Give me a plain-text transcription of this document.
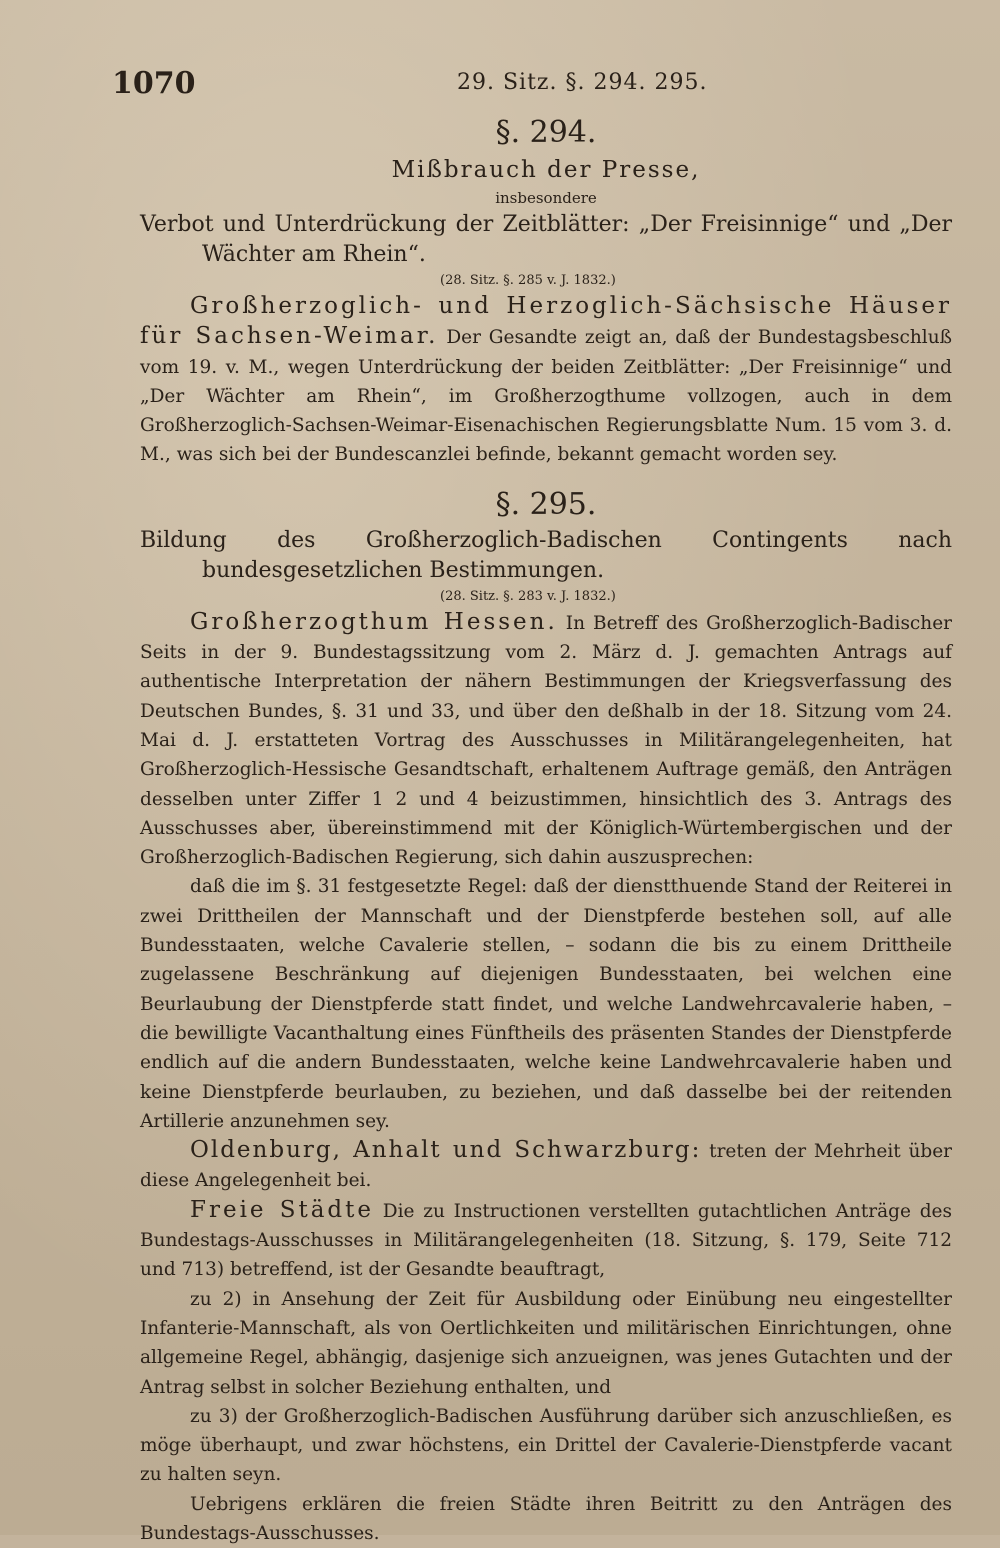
1070	29. Sitz. §. 294. 295.
§. 294.
Mißbrauch der Presse,
insbesondere
Verbot und Unterdrückung der Zeitblätter: „Der Freisinnige“ und „Der Wächter am Rhein“.
(28. Sitz. §. 285 v. J. 1832.)

Großherzoglich- und Herzoglich-Sächsische Häuser für Sachsen-Weimar. Der Gesandte zeigt an, daß der Bundestagsbeschluß vom 19. v. M., wegen Unterdrückung der beiden Zeitblätter: „Der Freisinnige“ und „Der Wächter am Rhein“, im Großherzogthume vollzogen, auch in dem Großherzoglich-Sachsen-Weimar-Eisenachischen Regierungsblatte Num. 15 vom 3. d. M., was sich bei der Bundescanzlei befinde, bekannt gemacht worden sey.

§. 295.
Bildung des Großherzoglich-Badischen Contingents nach bundesgesetzlichen Bestimmungen.
(28. Sitz. §. 283 v. J. 1832.)

Großherzogthum Hessen. In Betreff des Großherzoglich-Badischer Seits in der 9. Bundestagssitzung vom 2. März d. J. gemachten Antrags auf authentische Interpretation der nähern Bestimmungen der Kriegsverfassung des Deutschen Bundes, §. 31 und 33, und über den deßhalb in der 18. Sitzung vom 24. Mai d. J. erstatteten Vortrag des Ausschusses in Militärangelegenheiten, hat Großherzoglich-Hessische Gesandtschaft, erhaltenem Auftrage gemäß, den Anträgen desselben unter Ziffer 1 2 und 4 beizustimmen, hinsichtlich des 3. Antrags des Ausschusses aber, übereinstimmend mit der Königlich-Würtembergischen und der Großherzoglich-Badischen Regierung, sich dahin auszusprechen:

daß die im §. 31 festgesetzte Regel: daß der dienstthuende Stand der Reiterei in zwei Drittheilen der Mannschaft und der Dienstpferde bestehen soll, auf alle Bundesstaaten, welche Cavalerie stellen, – sodann die bis zu einem Drittheile zugelassene Beschränkung auf diejenigen Bundesstaaten, bei welchen eine Beurlaubung der Dienstpferde statt findet, und welche Landwehrcavalerie haben, – die bewilligte Vacanthaltung eines Fünftheils des präsenten Standes der Dienstpferde endlich auf die andern Bundesstaaten, welche keine Landwehrcavalerie haben und keine Dienstpferde beurlauben, zu beziehen, und daß dasselbe bei der reitenden Artillerie anzunehmen sey.

Oldenburg, Anhalt und Schwarzburg: treten der Mehrheit über diese Angelegenheit bei.

Freie Städte Die zu Instructionen verstellten gutachtlichen Anträge des Bundestags-Ausschusses in Militärangelegenheiten (18. Sitzung, §. 179, Seite 712 und 713) betreffend, ist der Gesandte beauftragt,

zu 2) in Ansehung der Zeit für Ausbildung oder Einübung neu eingestellter Infanterie-Mannschaft, als von Oertlichkeiten und militärischen Einrichtungen, ohne allgemeine Regel, abhängig, dasjenige sich anzueignen, was jenes Gutachten und der Antrag selbst in solcher Beziehung enthalten, und

zu 3) der Großherzoglich-Badischen Ausführung darüber sich anzuschließen, es möge überhaupt, und zwar höchstens, ein Drittel der Cavalerie-Dienstpferde vacant zu halten seyn.

Uebrigens erklären die freien Städte ihren Beitritt zu den Anträgen des Bundestags-Ausschusses.
